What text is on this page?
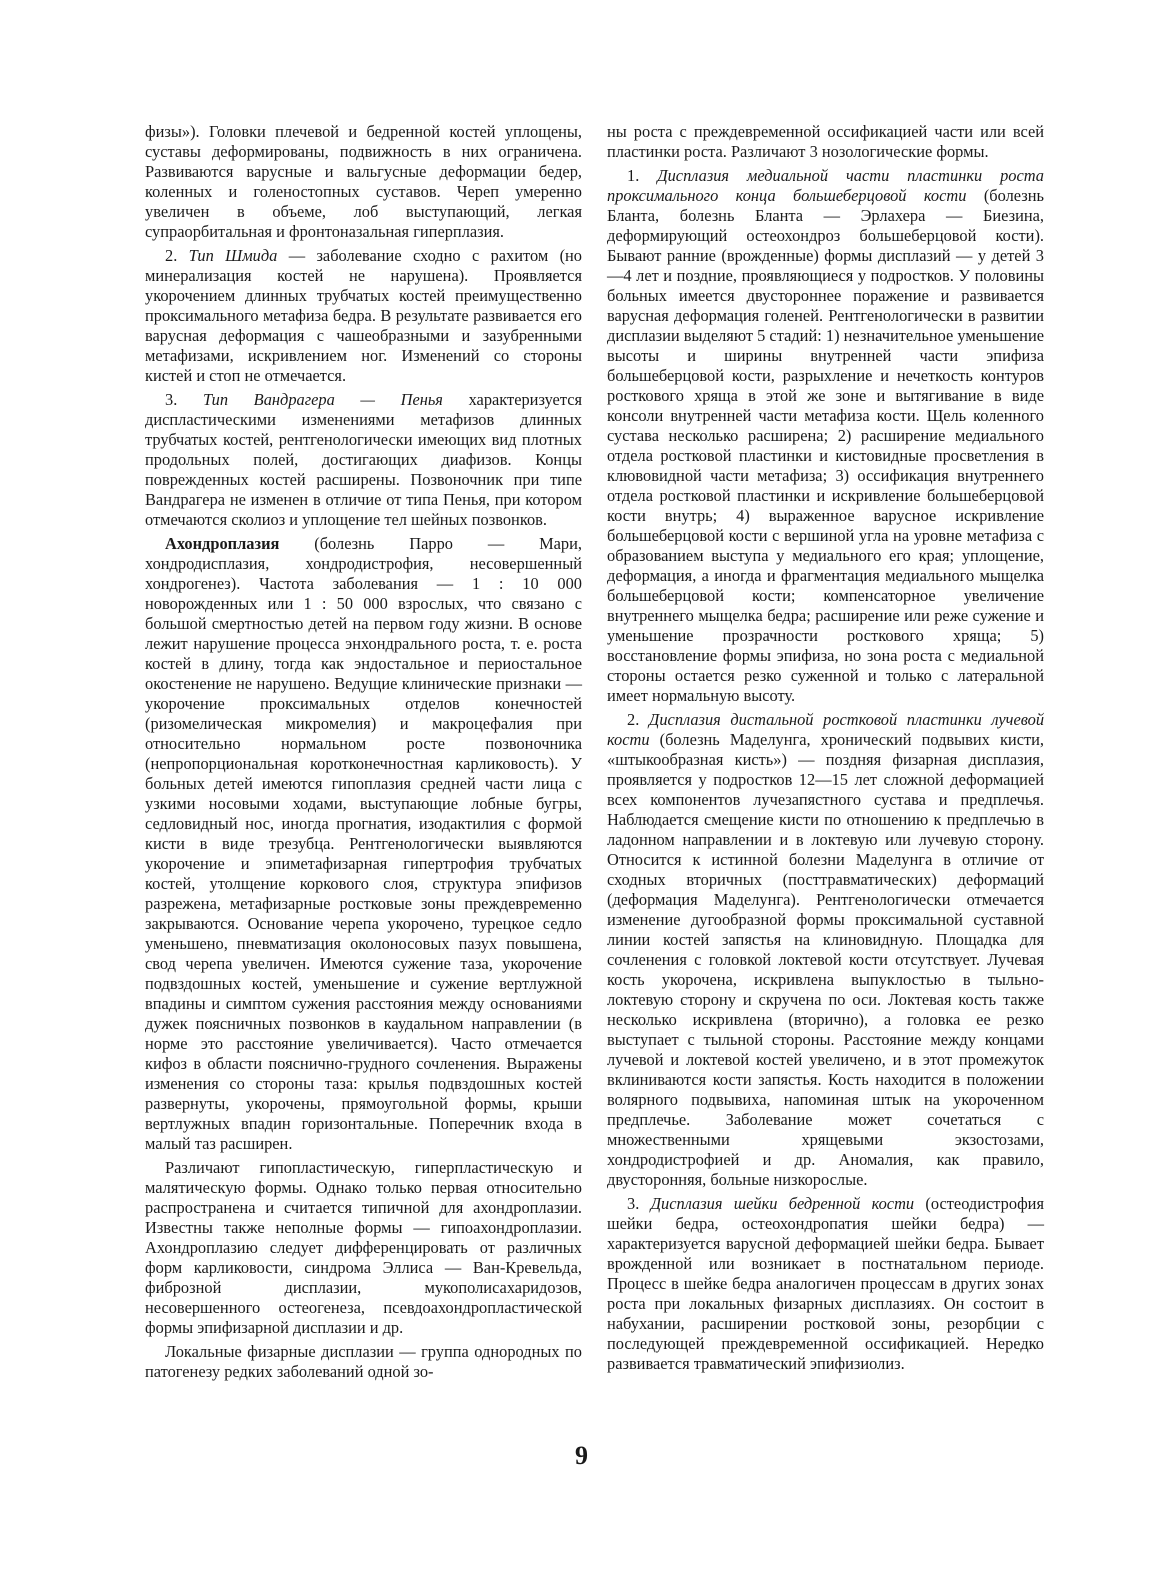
физы»). Головки плечевой и бедренной костей уплощены, суставы деформированы, подвижность в них ограничена. Развиваются варусные и вальгусные деформации бедер, коленных и голеностопных суставов. Череп умеренно увеличен в объеме, лоб выступающий, легкая супраорбитальная и фронтоназальная гиперплазия.

2. Тип Шмида — заболевание сходно с рахитом (но минерализация костей не нарушена). Проявляется укорочением длинных трубчатых костей преимущественно проксимального метафиза бедра. В результате развивается его варусная деформация с чашеобразными и зазубренными метафизами, искривлением ног. Изменений со стороны кистей и стоп не отмечается.

3. Тип Вандрагера — Пенья характеризуется диспластическими изменениями метафизов длинных трубчатых костей, рентгенологически имеющих вид плотных продольных полей, достигающих диафизов. Концы поврежденных костей расширены. Позвоночник при типе Вандрагера не изменен в отличие от типа Пенья, при котором отмечаются сколиоз и уплощение тел шейных позвонков.

Ахондроплазия (болезнь Парро — Мари, хондродисплазия, хондродистрофия, несовершенный хондрогенез). Частота заболевания — 1 : 10 000 новорожденных или 1 : 50 000 взрослых, что связано с большой смертностью детей на первом году жизни. В основе лежит нарушение процесса энхондрального роста, т. е. роста костей в длину, тогда как эндостальное и периостальное окостенение не нарушено. Ведущие клинические признаки — укорочение проксимальных отделов конечностей (ризомелическая микромелия) и макроцефалия при относительно нормальном росте позвоночника (непропорциональная коротконечностная карликовость). У больных детей имеются гипоплазия средней части лица с узкими носовыми ходами, выступающие лобные бугры, седловидный нос, иногда прогнатия, изодактилия с формой кисти в виде трезубца. Рентгенологически выявляются укорочение и эпиметафизарная гипертрофия трубчатых костей, утолщение коркового слоя, структура эпифизов разрежена, метафизарные ростковые зоны преждевременно закрываются. Основание черепа укорочено, турецкое седло уменьшено, пневматизация околоносовых пазух повышена, свод черепа увеличен. Имеются сужение таза, укорочение подвздошных костей, уменьшение и сужение вертлужной впадины и симптом сужения расстояния между основаниями дужек поясничных позвонков в каудальном направлении (в норме это расстояние увеличивается). Часто отмечается кифоз в области пояснично-грудного сочленения. Выражены изменения со стороны таза: крылья подвздошных костей развернуты, укорочены, прямоугольной формы, крыши вертлужных впадин горизонтальные. Поперечник входа в малый таз расширен.

Различают гипопластическую, гиперпластическую и малятическую формы. Однако только первая относительно распространена и считается типичной для ахондроплазии. Известны также неполные формы — гипоахондроплазии. Ахондроплазию следует дифференцировать от различных форм карликовости, синдрома Эллиса — Ван-Кревельда, фиброзной дисплазии, мукополисахаридозов, несовершенного остеогенеза, псевдоахондропластической формы эпифизарной дисплазии и др.

Локальные физарные дисплазии — группа однородных по патогенезу редких заболеваний одной зо-

ны роста с преждевременной оссификацией части или всей пластинки роста. Различают 3 нозологические формы.

1. Дисплазия медиальной части пластинки роста проксимального конца большеберцовой кости (болезнь Бланта, болезнь Бланта — Эрлахера — Биезина, деформирующий остеохондроз большеберцовой кости). Бывают ранние (врожденные) формы дисплазий — у детей 3—4 лет и поздние, проявляющиеся у подростков. У половины больных имеется двустороннее поражение и развивается варусная деформация голеней. Рентгенологически в развитии дисплазии выделяют 5 стадий: 1) незначительное уменьшение высоты и ширины внутренней части эпифиза большеберцовой кости, разрыхление и нечеткость контуров росткового хряща в этой же зоне и вытягивание в виде консоли внутренней части метафиза кости. Щель коленного сустава несколько расширена; 2) расширение медиального отдела ростковой пластинки и кистовидные просветления в клювовидной части метафиза; 3) оссификация внутреннего отдела ростковой пластинки и искривление большеберцовой кости внутрь; 4) выраженное варусное искривление большеберцовой кости с вершиной угла на уровне метафиза с образованием выступа у медиального его края; уплощение, деформация, а иногда и фрагментация медиального мыщелка большеберцовой кости; компенсаторное увеличение внутреннего мыщелка бедра; расширение или реже сужение и уменьшение прозрачности росткового хряща; 5) восстановление формы эпифиза, но зона роста с медиальной стороны остается резко суженной и только с латеральной имеет нормальную высоту.

2. Дисплазия дистальной ростковой пластинки лучевой кости (болезнь Маделунга, хронический подвывих кисти, «штыкообразная кисть») — поздняя физарная дисплазия, проявляется у подростков 12—15 лет сложной деформацией всех компонентов лучезапястного сустава и предплечья. Наблюдается смещение кисти по отношению к предплечью в ладонном направлении и в локтевую или лучевую сторону. Относится к истинной болезни Маделунга в отличие от сходных вторичных (посттравматических) деформаций (деформация Маделунга). Рентгенологически отмечается изменение дугообразной формы проксимальной суставной линии костей запястья на клиновидную. Площадка для сочленения с головкой локтевой кости отсутствует. Лучевая кость укорочена, искривлена выпуклостью в тыльно-локтевую сторону и скручена по оси. Локтевая кость также несколько искривлена (вторично), а головка ее резко выступает с тыльной стороны. Расстояние между концами лучевой и локтевой костей увеличено, и в этот промежуток вклиниваются кости запястья. Кость находится в положении волярного подвывиха, напоминая штык на укороченном предплечье. Заболевание может сочетаться с множественными хрящевыми экзостозами, хондродистрофией и др. Аномалия, как правило, двусторонняя, больные низкорослые.

3. Дисплазия шейки бедренной кости (остеодистрофия шейки бедра, остеохондропатия шейки бедра) — характеризуется варусной деформацией шейки бедра. Бывает врожденной или возникает в постнатальном периоде. Процесс в шейке бедра аналогичен процессам в других зонах роста при локальных физарных дисплазиях. Он состоит в набухании, расширении ростковой зоны, резорбции с последующей преждевременной оссификацией. Нередко развивается травматический эпифизиолиз.

9
